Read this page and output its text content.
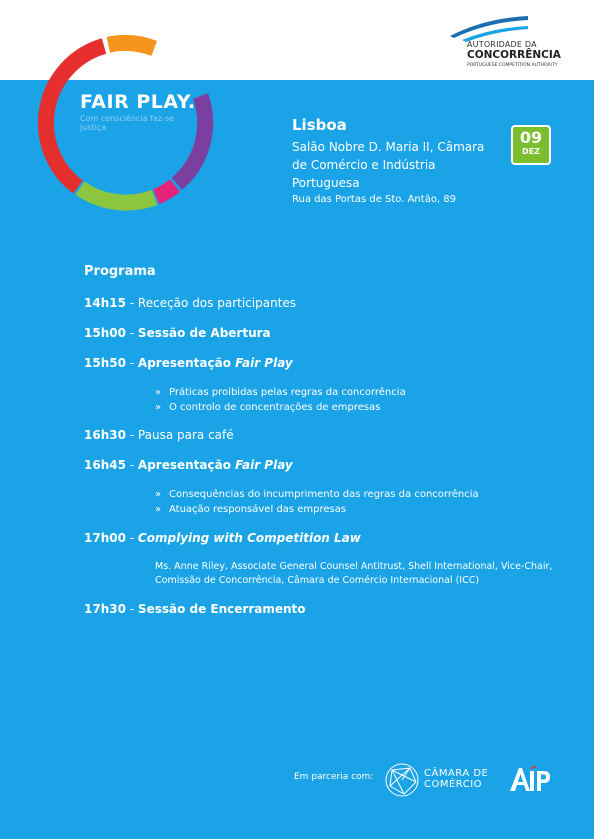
AUTORIDADE DA
CONCORRÊNCIA
PORTUGUESE COMPETITION AUTHORITY
FAIR PLAY.
Com consciência faz-se justiça	Lisboa
Salão Nobre D. Maria II, Câmara de Comércio e Indústria Portuguesa
Rua das Portas de Sto. Antão, 89
09
DEZ
Programa
14h15 - Receção dos participantes
15h00 - Sessão de Abertura
15h50 - Apresentação Fair Play
» Práticas proibidas pelas regras da concorrência
» O controlo de concentrações de empresas
16h30 - Pausa para café
16h45 - Apresentação Fair Play
» Consequências do incumprimento das regras da concorrência
» Atuação responsável das empresas
17h00 - Complying with Competition Law
Ms. Anne Riley, Associate General Counsel Antitrust, Shell International, Vice-Chair, Comissão de Concorrência, Câmara de Comércio Internacional (ICC)
17h30 - Sessão de Encerramento
Em parceria com:	CÂMARA DE
COMÉRCIO
